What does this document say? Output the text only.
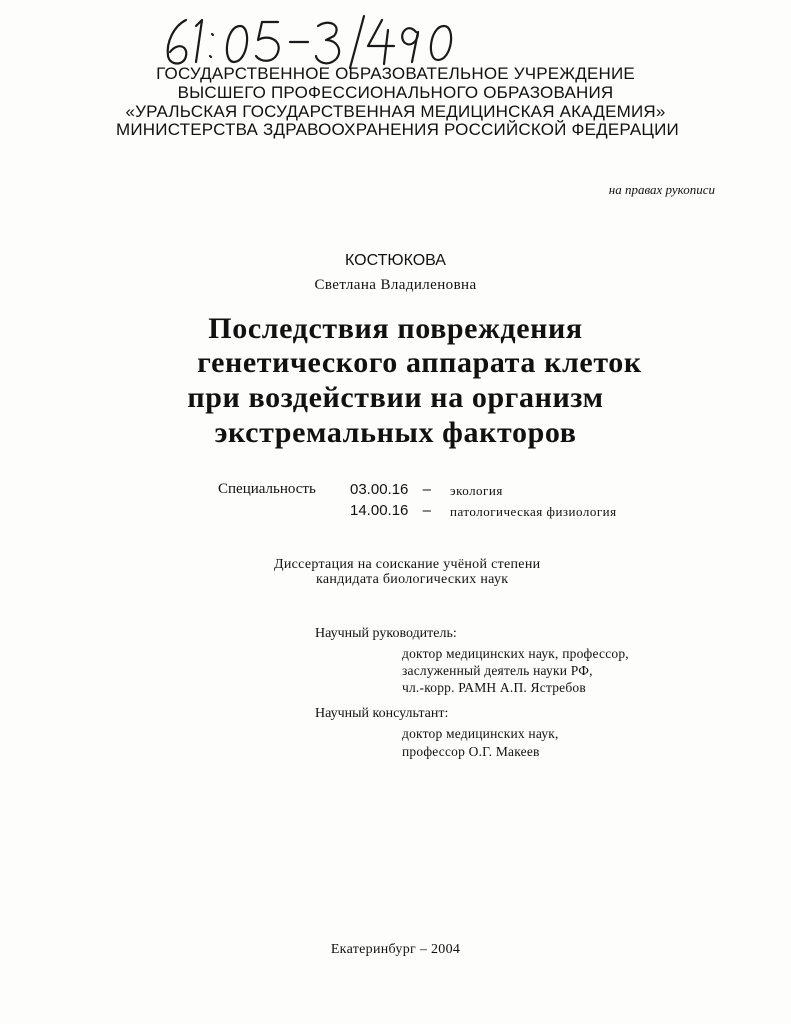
ГОСУДАРСТВЕННОЕ ОБРАЗОВАТЕЛЬНОЕ УЧРЕЖДЕНИЕ
ВЫСШЕГО ПРОФЕССИОНАЛЬНОГО ОБРАЗОВАНИЯ
«УРАЛЬСКАЯ ГОСУДАРСТВЕННАЯ МЕДИЦИНСКАЯ АКАДЕМИЯ»
МИНИСТЕРСТВА ЗДРАВООХРАНЕНИЯ РОССИЙСКОЙ ФЕДЕРАЦИИ
на правах рукописи
КОСТЮКОВА
Светлана Владиленовна
Последствия повреждения
генетического аппарата клеток
при воздействии на организм
экстремальных факторов
Специальность 03.00.16 – экология
14.00.16 – патологическая физиология
Диссертация на соискание учёной степени
кандидата биологических наук
Научный руководитель:
доктор медицинских наук, профессор,
заслуженный деятель науки РФ,
чл.-корр. РАМН А.П. Ястребов
Научный консультант:
доктор медицинских наук,
профессор О.Г. Макеев
Екатеринбург – 2004
